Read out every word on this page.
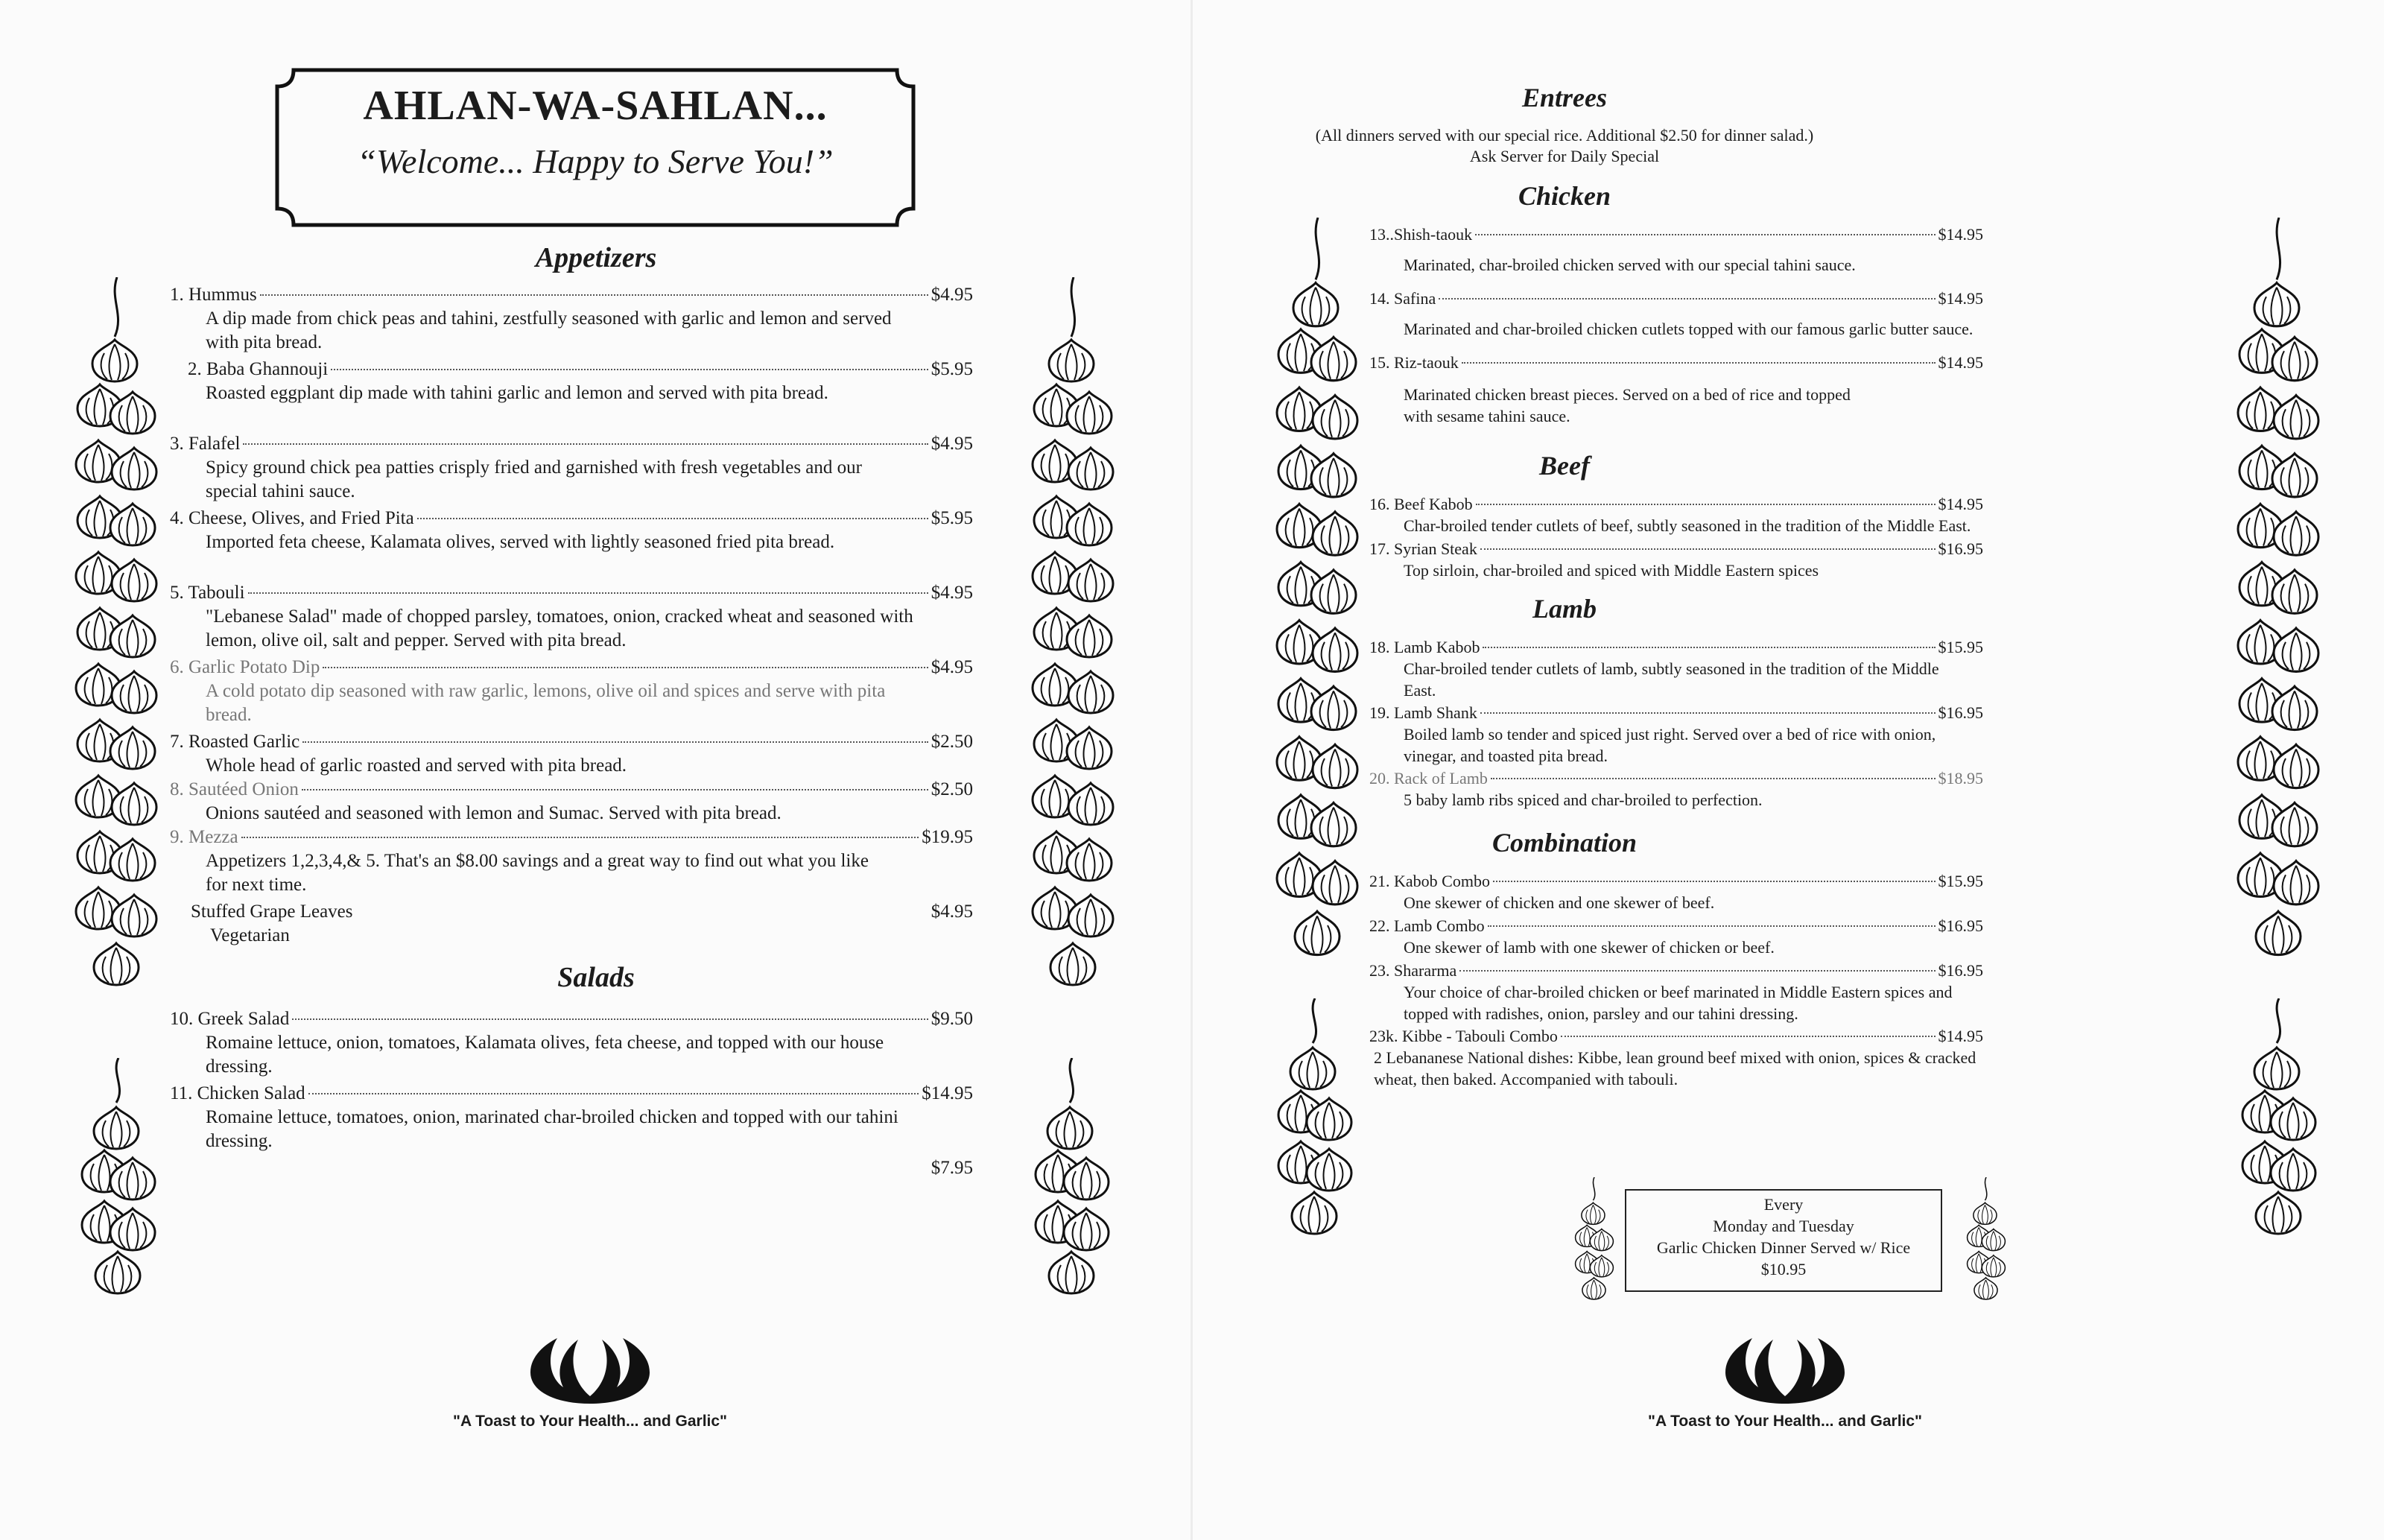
AHLAN-WA-SAHLAN...
“Welcome... Happy to Serve You!”
Appetizers
1. Hummus	$4.95
A dip made from chick peas and tahini, zestfully seasoned with garlic and lemon and served with pita bread.
2. Baba Ghannouji	$5.95
Roasted eggplant dip made with tahini garlic and lemon and served with pita bread.
3. Falafel	$4.95
Spicy ground chick pea patties crisply fried and garnished with fresh vegetables and our special tahini sauce.
4. Cheese, Olives, and Fried Pita	$5.95
Imported feta cheese, Kalamata olives, served with lightly seasoned fried pita bread.
5. Tabouli	$4.95
"Lebanese Salad" made of chopped parsley, tomatoes, onion, cracked wheat and seasoned with lemon, olive oil, salt and pepper. Served with pita bread.
6. Garlic Potato Dip	$4.95
A cold potato dip seasoned with raw garlic, lemons, olive oil and spices and serve with pita bread.
7. Roasted Garlic	$2.50
Whole head of garlic roasted and served with pita bread.
8. Sautéed Onion	$2.50
Onions sautéed and seasoned with lemon and Sumac. Served with pita bread.
9. Mezza	$19.95
Appetizers 1,2,3,4,& 5. That's an $8.00 savings and a great way to find out what you like for next time.
Stuffed Grape Leaves	$4.95
Vegetarian
Salads
10. Greek Salad	$9.50
Romaine lettuce, onion, tomatoes, Kalamata olives, feta cheese, and topped with our house dressing.
11. Chicken Salad	$14.95
Romaine lettuce, tomatoes, onion, marinated char-broiled chicken and topped with our tahini dressing.
$7.95
"A Toast to Your Health... and Garlic"
Entrees
(All dinners served with our special rice. Additional $2.50 for dinner salad.)
Ask Server for Daily Special
Chicken
13..Shish-taouk	$14.95
Marinated, char-broiled chicken served with our special tahini sauce.
14. Safina	$14.95
Marinated and char-broiled chicken cutlets topped with our famous garlic butter sauce.
15. Riz-taouk	$14.95
Marinated chicken breast pieces. Served on a bed of rice and topped with sesame tahini sauce.
Beef
16. Beef Kabob	$14.95
Char-broiled tender cutlets of beef, subtly seasoned in the tradition of the Middle East.
17. Syrian Steak	$16.95
Top sirloin, char-broiled and spiced with Middle Eastern spices
Lamb
18. Lamb Kabob	$15.95
Char-broiled tender cutlets of lamb, subtly seasoned in the tradition of the Middle East.
19. Lamb Shank	$16.95
Boiled lamb so tender and spiced just right. Served over a bed of rice with onion, vinegar, and toasted pita bread.
20. Rack of Lamb	$18.95
5 baby lamb ribs spiced and char-broiled to perfection.
Combination
21. Kabob Combo	$15.95
One skewer of chicken and one skewer of beef.
22. Lamb Combo	$16.95
One skewer of lamb with one skewer of chicken or beef.
23. Shararma	$16.95
Your choice of char-broiled chicken or beef marinated in Middle Eastern spices and topped with radishes, onion, parsley and our tahini dressing.
23k. Kibbe - Tabouli Combo	$14.95
2 Lebananese National dishes: Kibbe, lean ground beef mixed with onion, spices & cracked wheat, then baked. Accompanied with tabouli.
Every
Monday and Tuesday
Garlic Chicken Dinner Served w/ Rice
$10.95
"A Toast to Your Health... and Garlic"
